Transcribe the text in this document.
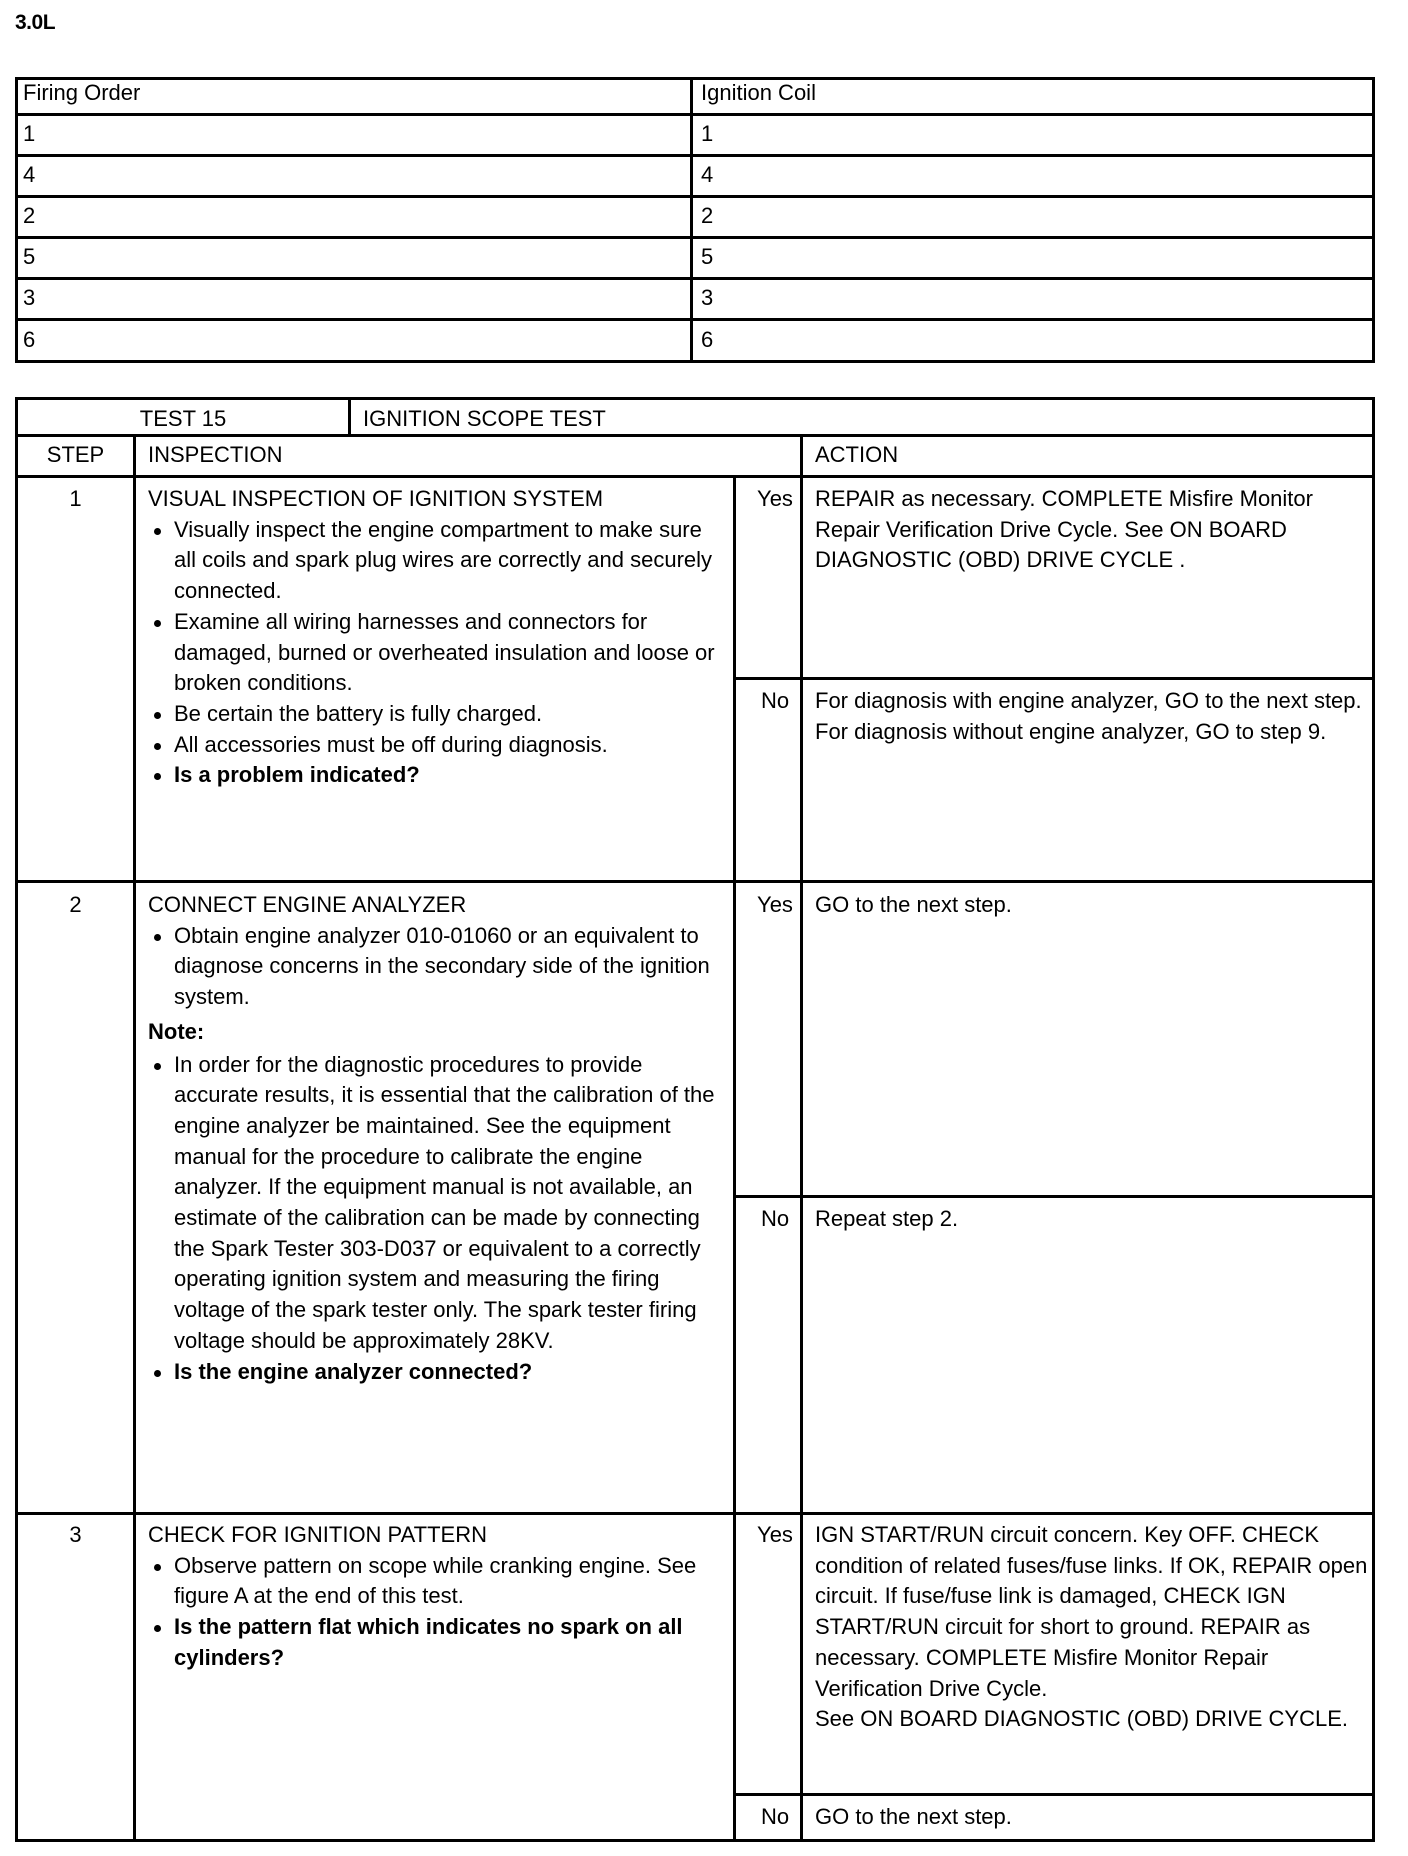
3.0L
Firing Order	Ignition Coil
1	1
4	4
2	2
5	5
3	3
6	6
TEST 15	IGNITION SCOPE TEST
STEP	INSPECTION	ACTION
1	VISUAL INSPECTION OF IGNITION SYSTEM
Visually inspect the engine compartment to make sure all coils and spark plug wires are correctly and securely connected.
Examine all wiring harnesses and connectors for damaged, burned or overheated insulation and loose or broken conditions.
Be certain the battery is fully charged.
All accessories must be off during diagnosis.
Is a problem indicated?
Yes	REPAIR as necessary. COMPLETE Misfire Monitor Repair Verification Drive Cycle. See ON BOARD DIAGNOSTIC (OBD) DRIVE CYCLE .
No	For diagnosis with engine analyzer, GO to the next step.
For diagnosis without engine analyzer, GO to step 9.
2	CONNECT ENGINE ANALYZER
Obtain engine analyzer 010-01060 or an equivalent to diagnose concerns in the secondary side of the ignition system.
Note:
In order for the diagnostic procedures to provide accurate results, it is essential that the calibration of the engine analyzer be maintained. See the equipment manual for the procedure to calibrate the engine analyzer. If the equipment manual is not available, an estimate of the calibration can be made by connecting the Spark Tester 303-D037 or equivalent to a correctly operating ignition system and measuring the firing voltage of the spark tester only. The spark tester firing voltage should be approximately 28KV.
Is the engine analyzer connected?
Yes	GO to the next step.
No	Repeat step 2.
3	CHECK FOR IGNITION PATTERN
Observe pattern on scope while cranking engine. See figure A at the end of this test.
Is the pattern flat which indicates no spark on all cylinders?
Yes	IGN START/RUN circuit concern. Key OFF. CHECK condition of related fuses/fuse links. If OK, REPAIR open circuit. If fuse/fuse link is damaged, CHECK IGN START/RUN circuit for short to ground. REPAIR as necessary. COMPLETE Misfire Monitor Repair Verification Drive Cycle.
See ON BOARD DIAGNOSTIC (OBD) DRIVE CYCLE.
No	GO to the next step.
